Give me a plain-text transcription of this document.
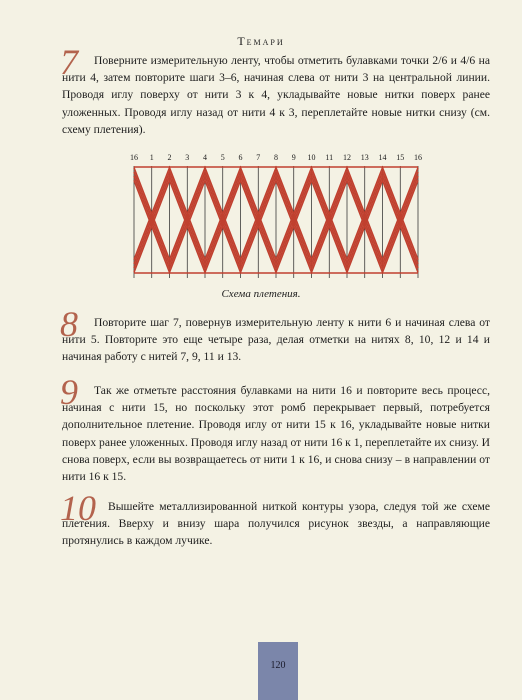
Темари
7	Поверните измерительную ленту, чтобы отметить булавками точки 2/6 и 4/6 на нити 4, затем повторите шаги 3–6, начиная слева от нити 3 на центральной линии. Проводя иглу поверху от нити 3 к 4, укладывайте новые нитки поверх ранее уложенных. Проводя иглу назад от нити 4 к 3, переплетайте новые нитки снизу (см. схему плетения).

16 1 2 3 4 5 6 7 8 9 10 11 12 13 14 15 16
Схема плетения.
8	Повторите шаг 7, повернув измерительную ленту к нити 6 и начиная слева от нити 5. Повторите это еще четыре раза, делая отметки на нитях 8, 10, 12 и 14 и начиная работу с нитей 7, 9, 11 и 13.

9	Так же отметьте расстояния булавками на нити 16 и повторите весь процесс, начиная с нити 15, но поскольку этот ромб перекрывает первый, потребуется дополнительное плетение. Проводя иглу от нити 15 к 16, укладывайте новые нитки поверх ранее уложенных. Проводя иглу назад от нити 16 к 1, переплетайте их снизу. И снова поверх, если вы возвращаетесь от нити 1 к 16, и снова снизу – в направлении от нити 16 к 15.

10	Вышейте металлизированной ниткой контуры узора, следуя той же схеме плетения. Вверху и внизу шара получился рисунок звезды, а направляющие протянулись в каждом лучике.

120
